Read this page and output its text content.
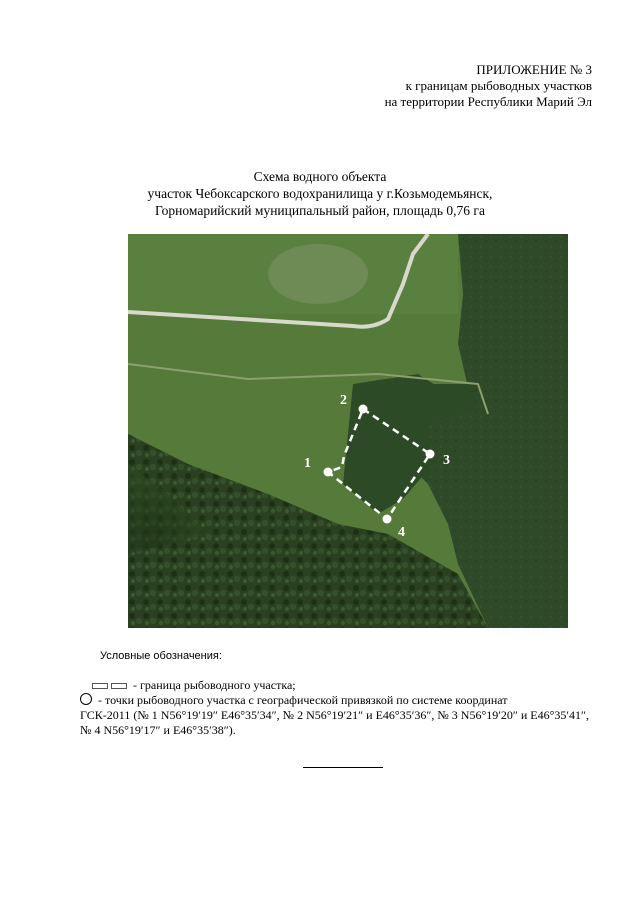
ПРИЛОЖЕНИЕ № 3
к границам рыбоводных участков
на территории Республики Марий Эл
Схема водного объекта
участок Чебоксарского водохранилища у г.Козьмодемьянск,
Горномарийский муниципальный район, площадь 0,76 га
1
2
3
4
Условные обозначения:
- граница рыбоводного участка;
- точки рыбоводного участка с географической привязкой по системе координат
ГСК-2011 (№ 1 N56°19′19″ E46°35′34″, № 2 N56°19′21″ и E46°35′36″, № 3 N56°19′20″ и E46°35′41″, № 4 N56°19′17″ и E46°35′38″).
